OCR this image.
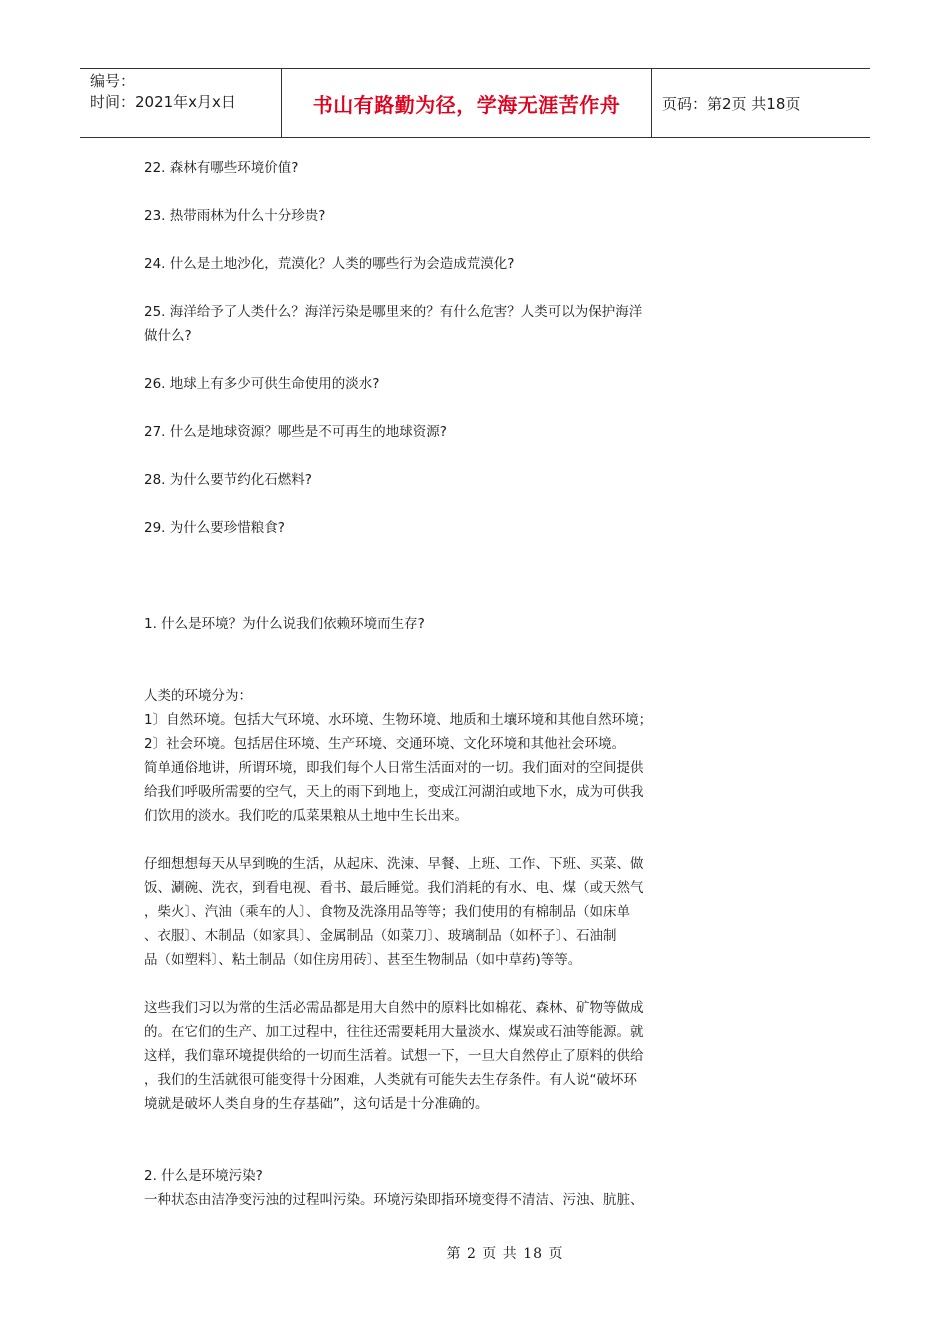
编号：
时间：2021年x月x日	书山有路勤为径，学海无涯苦作舟	页码：第2页 共18页
22. 森林有哪些环境价值?
23. 热带雨林为什么十分珍贵?
24. 什么是土地沙化，荒漠化？人类的哪些行为会造成荒漠化?
25. 海洋给予了人类什么？海洋污染是哪里来的？有什么危害？人类可以为保护海洋
做什么?
26. 地球上有多少可供生命使用的淡水?
27. 什么是地球资源？哪些是不可再生的地球资源?
28. 为什么要节约化石燃料?
29. 为什么要珍惜粮食?
1. 什么是环境？为什么说我们依赖环境而生存?
人类的环境分为：
1〕自然环境。包括大气环境、水环境、生物环境、地质和土壤环境和其他自然环境；
2〕社会环境。包括居住环境、生产环境、交通环境、文化环境和其他社会环境。
简单通俗地讲，所谓环境，即我们每个人日常生活面对的一切。我们面对的空间提供
给我们呼吸所需要的空气，天上的雨下到地上，变成江河湖泊或地下水，成为可供我
们饮用的淡水。我们吃的瓜菜果粮从土地中生长出来。
仔细想想每天从早到晚的生活，从起床、洗涑、早餐、上班、工作、下班、买菜、做
饭、涮碗、洗衣，到看电视、看书、最后睡觉。我们消耗的有水、电、煤（或天然气
，柴火〕、汽油（乘车的人〕、食物及洗涤用品等等；我们使用的有棉制品（如床单
、衣服〕、木制品（如家具〕、金属制品（如菜刀〕、玻璃制品（如杯子〕、石油制
品（如塑料〕、粘土制品（如住房用砖〕、甚至生物制品（如中草药)等等。
这些我们习以为常的生活必需品都是用大自然中的原料比如棉花、森林、矿物等做成
的。在它们的生产、加工过程中，往往还需要耗用大量淡水、煤炭或石油等能源。就
这样，我们靠环境提供给的一切而生活着。试想一下，一旦大自然停止了原料的供给
，我们的生活就很可能变得十分困难，人类就有可能失去生存条件。有人说“破坏环
境就是破坏人类自身的生存基础”，这句话是十分准确的。
2. 什么是环境污染?
一种状态由洁净变污浊的过程叫污染。环境污染即指环境变得不清洁、污浊、肮脏、
第 2 页 共 18 页
